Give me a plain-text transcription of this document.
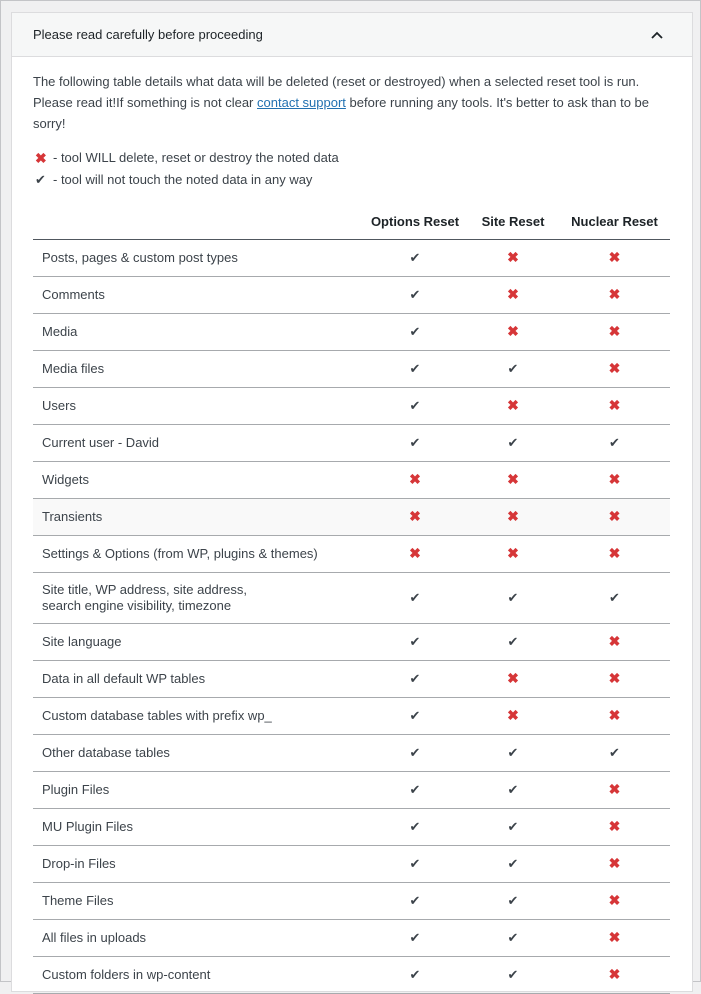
Please read carefully before proceeding

The following table details what data will be deleted (reset or destroyed) when a selected reset tool is run. Please read it!If something is not clear contact support before running any tools. It's better to ask than to be sorry!

✖ - tool WILL delete, reset or destroy the noted data
✔ - tool will not touch the noted data in any way
	Options Reset	Site Reset	Nuclear Reset
Posts, pages & custom post types	✔	✖	✖
Comments	✔	✖	✖
Media	✔	✖	✖
Media files	✔	✔	✖
Users	✔	✖	✖
Current user - David	✔	✔	✔
Widgets	✖	✖	✖
Transients	✖	✖	✖
Settings & Options (from WP, plugins & themes)	✖	✖	✖
Site title, WP address, site address,
search engine visibility, timezone	✔	✔	✔
Site language	✔	✔	✖
Data in all default WP tables	✔	✖	✖
Custom database tables with prefix wp_	✔	✖	✖
Other database tables	✔	✔	✔
Plugin Files	✔	✔	✖
MU Plugin Files	✔	✔	✖
Drop-in Files	✔	✔	✖
Theme Files	✔	✔	✖
All files in uploads	✔	✔	✖
Custom folders in wp-content	✔	✔	✖
